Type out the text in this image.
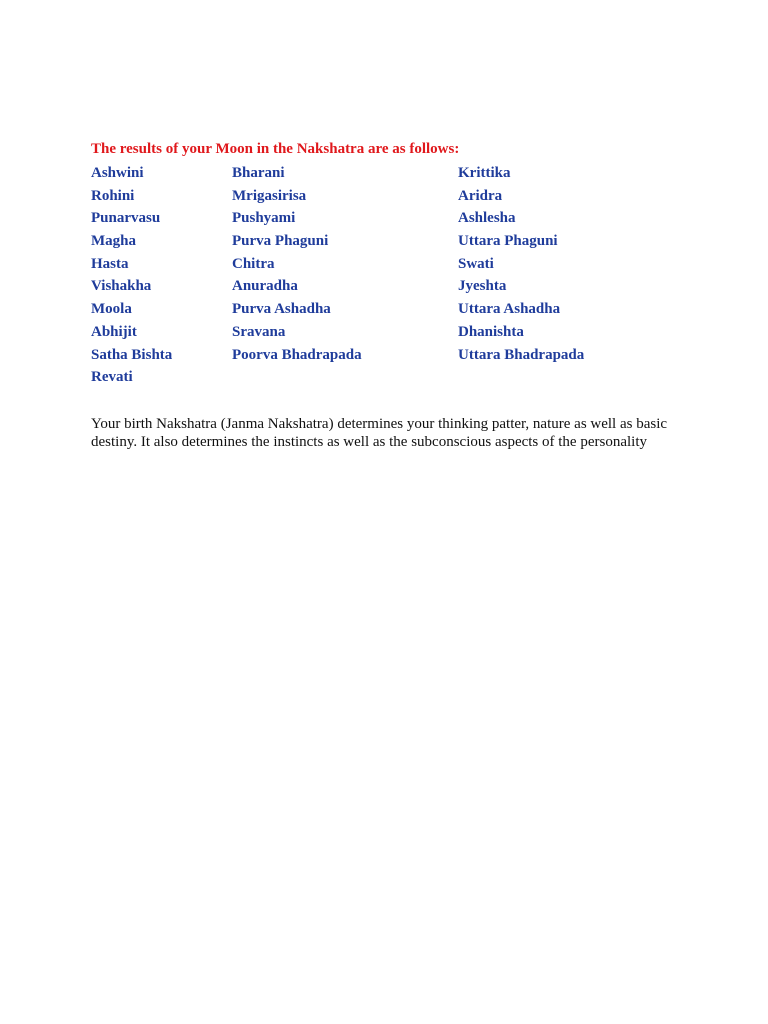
The results of your Moon in the Nakshatra are as follows:
Ashwini	Bharani	Krittika
Rohini	Mrigasirisa	Aridra
Punarvasu	Pushyami	Ashlesha
Magha	Purva Phaguni	Uttara Phaguni
Hasta	Chitra	Swati
Vishakha	Anuradha	Jyeshta
Moola	Purva Ashadha	Uttara Ashadha
Abhijit	Sravana	Dhanishta
Satha Bishta	Poorva Bhadrapada	Uttara Bhadrapada
Revati

Your birth Nakshatra (Janma Nakshatra) determines your thinking patter, nature as well as basic destiny. It also determines the instincts as well as the subconscious aspects of the personality
